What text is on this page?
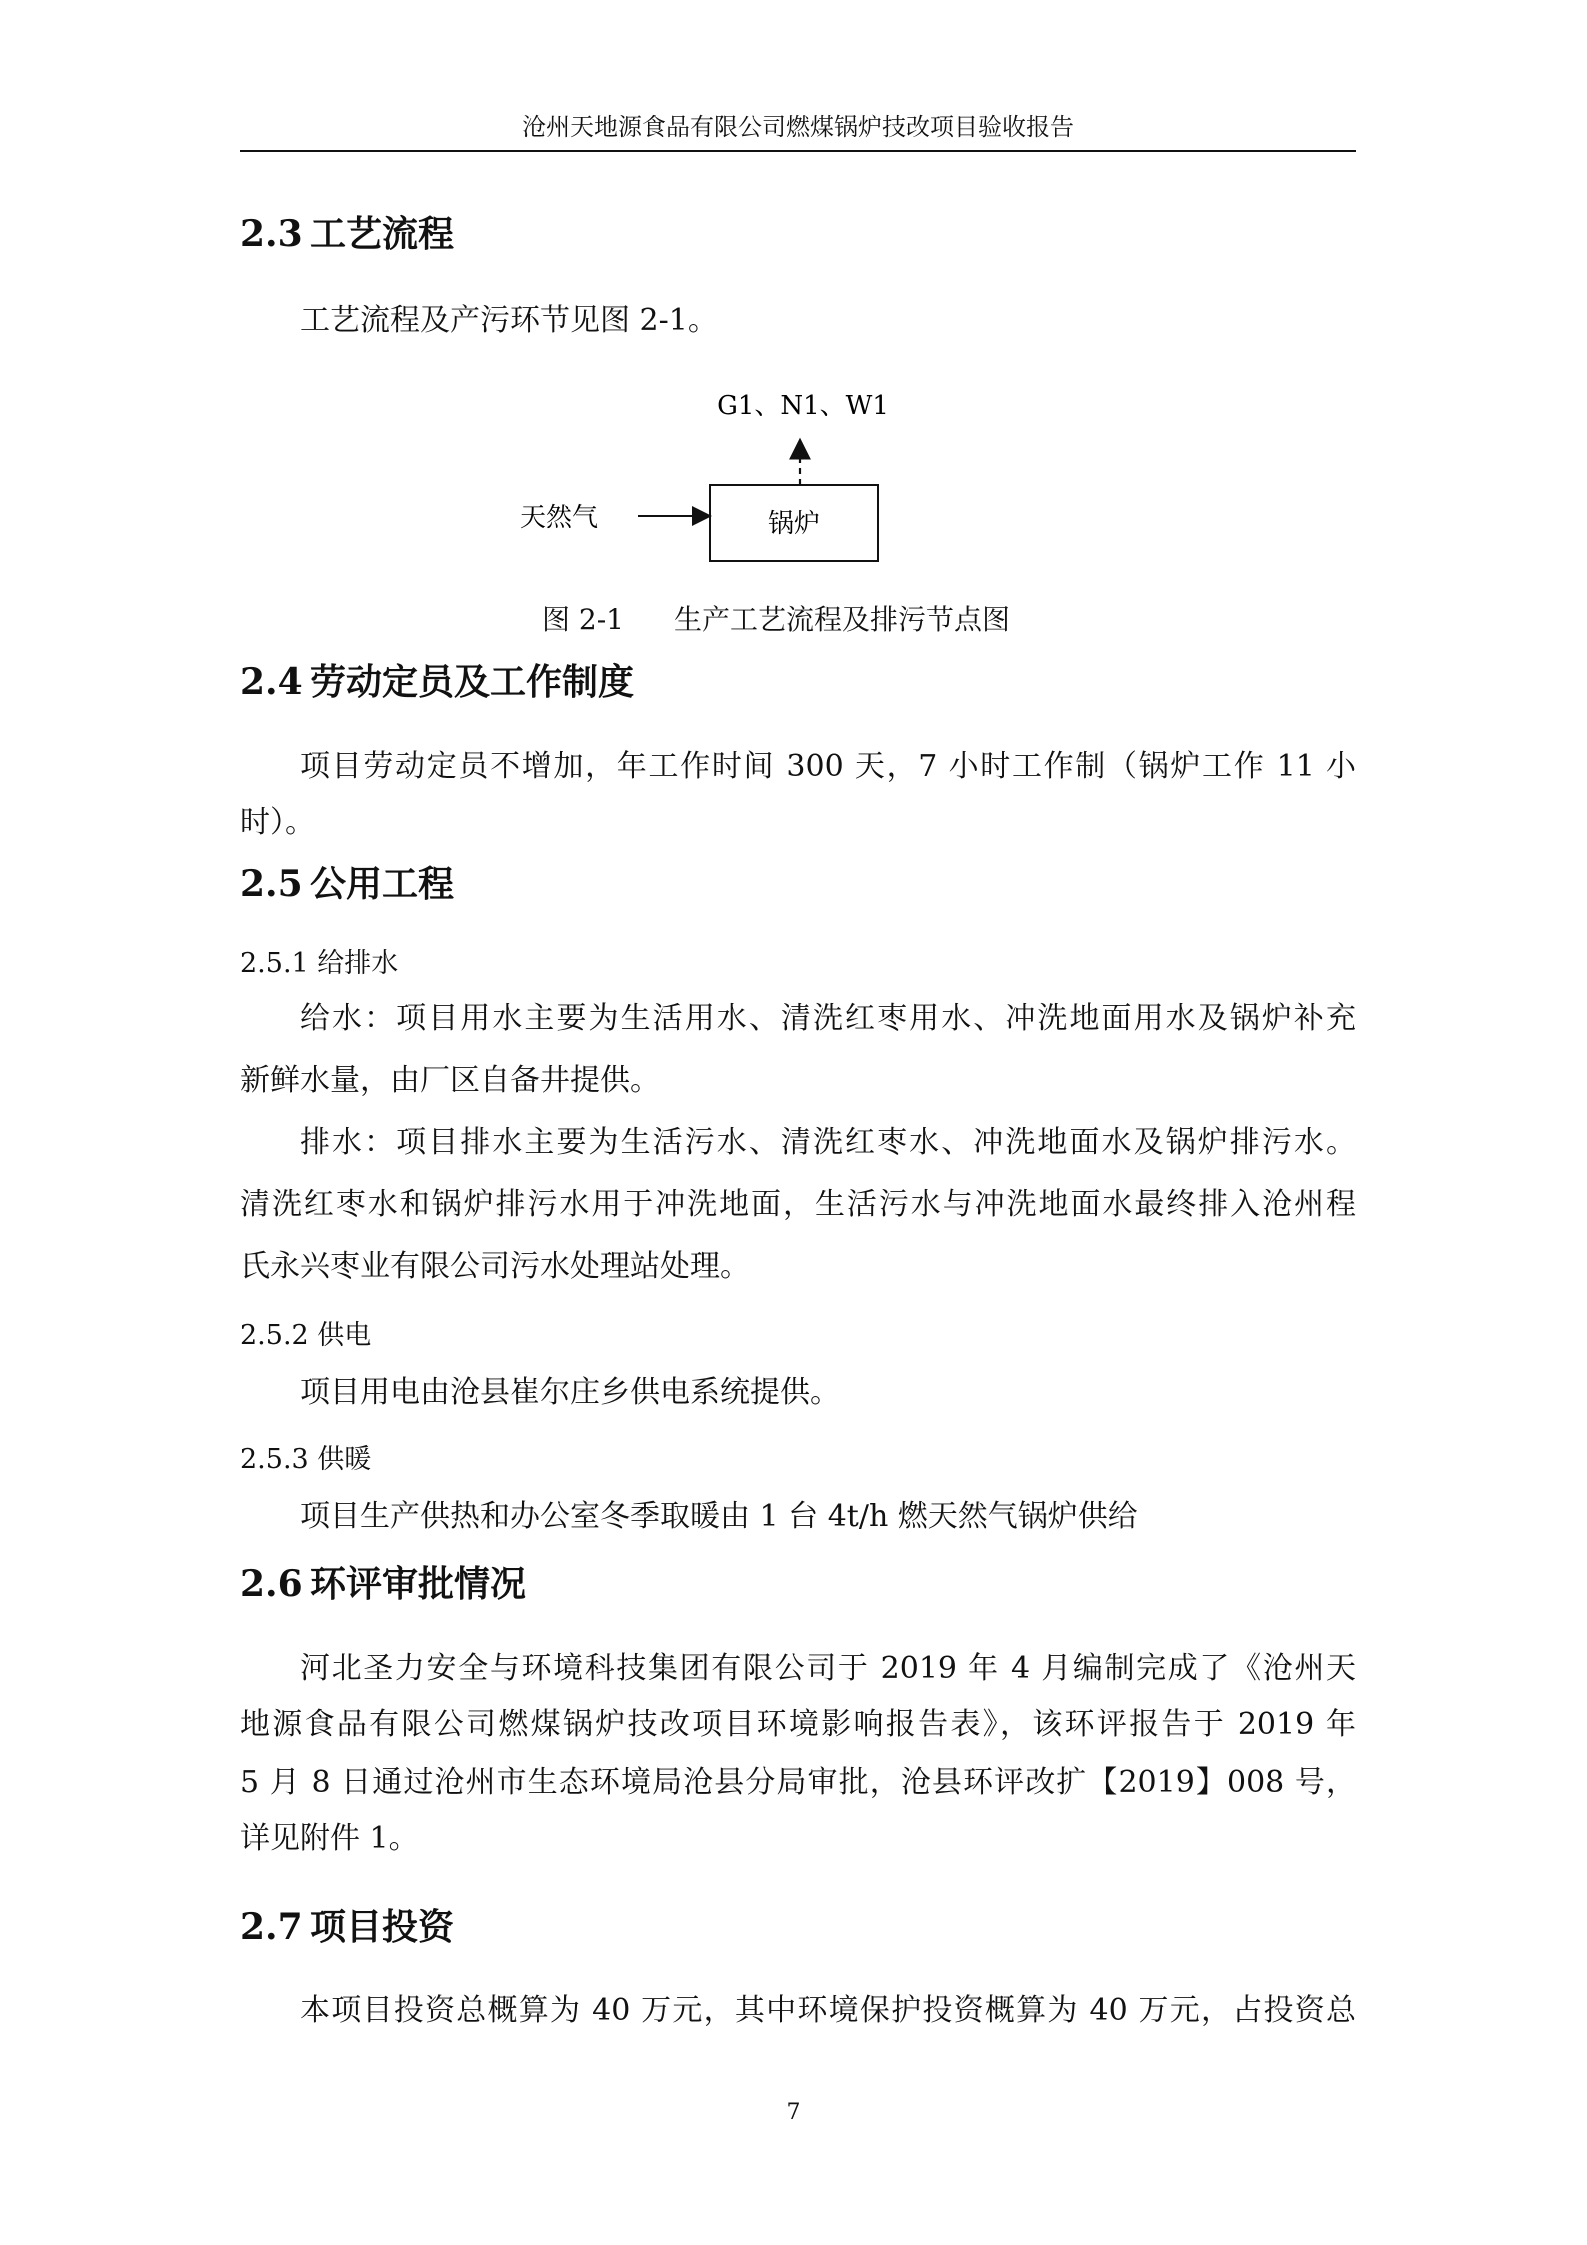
沧州天地源食品有限公司燃煤锅炉技改项目验收报告
2.3 工艺流程

工艺流程及产污环节见图 2-1。

G1、N1、W1
天然气	锅炉
图 2-1 生产工艺流程及排污节点图
2.4 劳动定员及工作制度

项目劳动定员不增加，年工作时间 300 天，7 小时工作制（锅炉工作 11 小

时）。

2.5 公用工程
2.5.1 给排水

给水：项目用水主要为生活用水、清洗红枣用水、冲洗地面用水及锅炉补充

新鲜水量，由厂区自备井提供。

排水：项目排水主要为生活污水、清洗红枣水、冲洗地面水及锅炉排污水。

清洗红枣水和锅炉排污水用于冲洗地面，生活污水与冲洗地面水最终排入沧州程

氏永兴枣业有限公司污水处理站处理。

2.5.2 供电

项目用电由沧县崔尔庄乡供电系统提供。

2.5.3 供暖

项目生产供热和办公室冬季取暖由 1 台 4t/h 燃天然气锅炉供给

2.6 环评审批情况

河北圣力安全与环境科技集团有限公司于 2019 年 4 月编制完成了《沧州天

地源食品有限公司燃煤锅炉技改项目环境影响报告表》，该环评报告于 2019 年

5 月 8 日通过沧州市生态环境局沧县分局审批，沧县环评改扩【2019】008 号，

详见附件 1。

2.7 项目投资

本项目投资总概算为 40 万元，其中环境保护投资概算为 40 万元，占投资总

7
